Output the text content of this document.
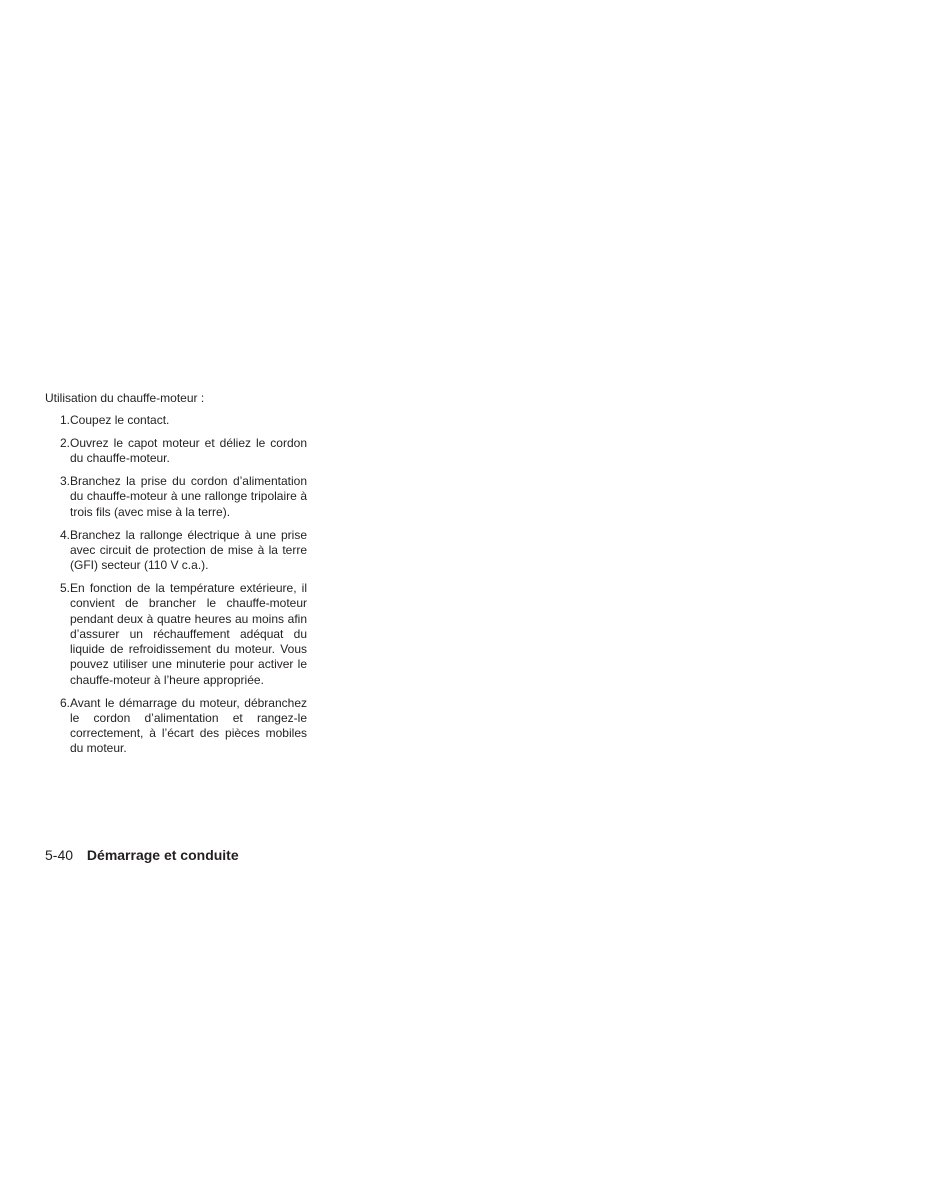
Utilisation du chauffe-moteur :

1. Coupez le contact.
2. Ouvrez le capot moteur et déliez le cordon du chauffe-moteur.
3. Branchez la prise du cordon d’alimentation du chauffe-moteur à une rallonge tripolaire à trois fils (avec mise à la terre).
4. Branchez la rallonge électrique à une prise avec circuit de protection de mise à la terre (GFI) secteur (110 V c.a.).
5. En fonction de la température extérieure, il convient de brancher le chauffe-moteur pendant deux à quatre heures au moins afin d’assurer un réchauffement adéquat du liquide de refroidissement du moteur. Vous pouvez utiliser une minuterie pour activer le chauffe-moteur à l’heure appropriée.
6. Avant le démarrage du moteur, débranchez le cordon d’alimentation et rangez-le correctement, à l’écart des pièces mobiles du moteur.
5-40 Démarrage et conduite
